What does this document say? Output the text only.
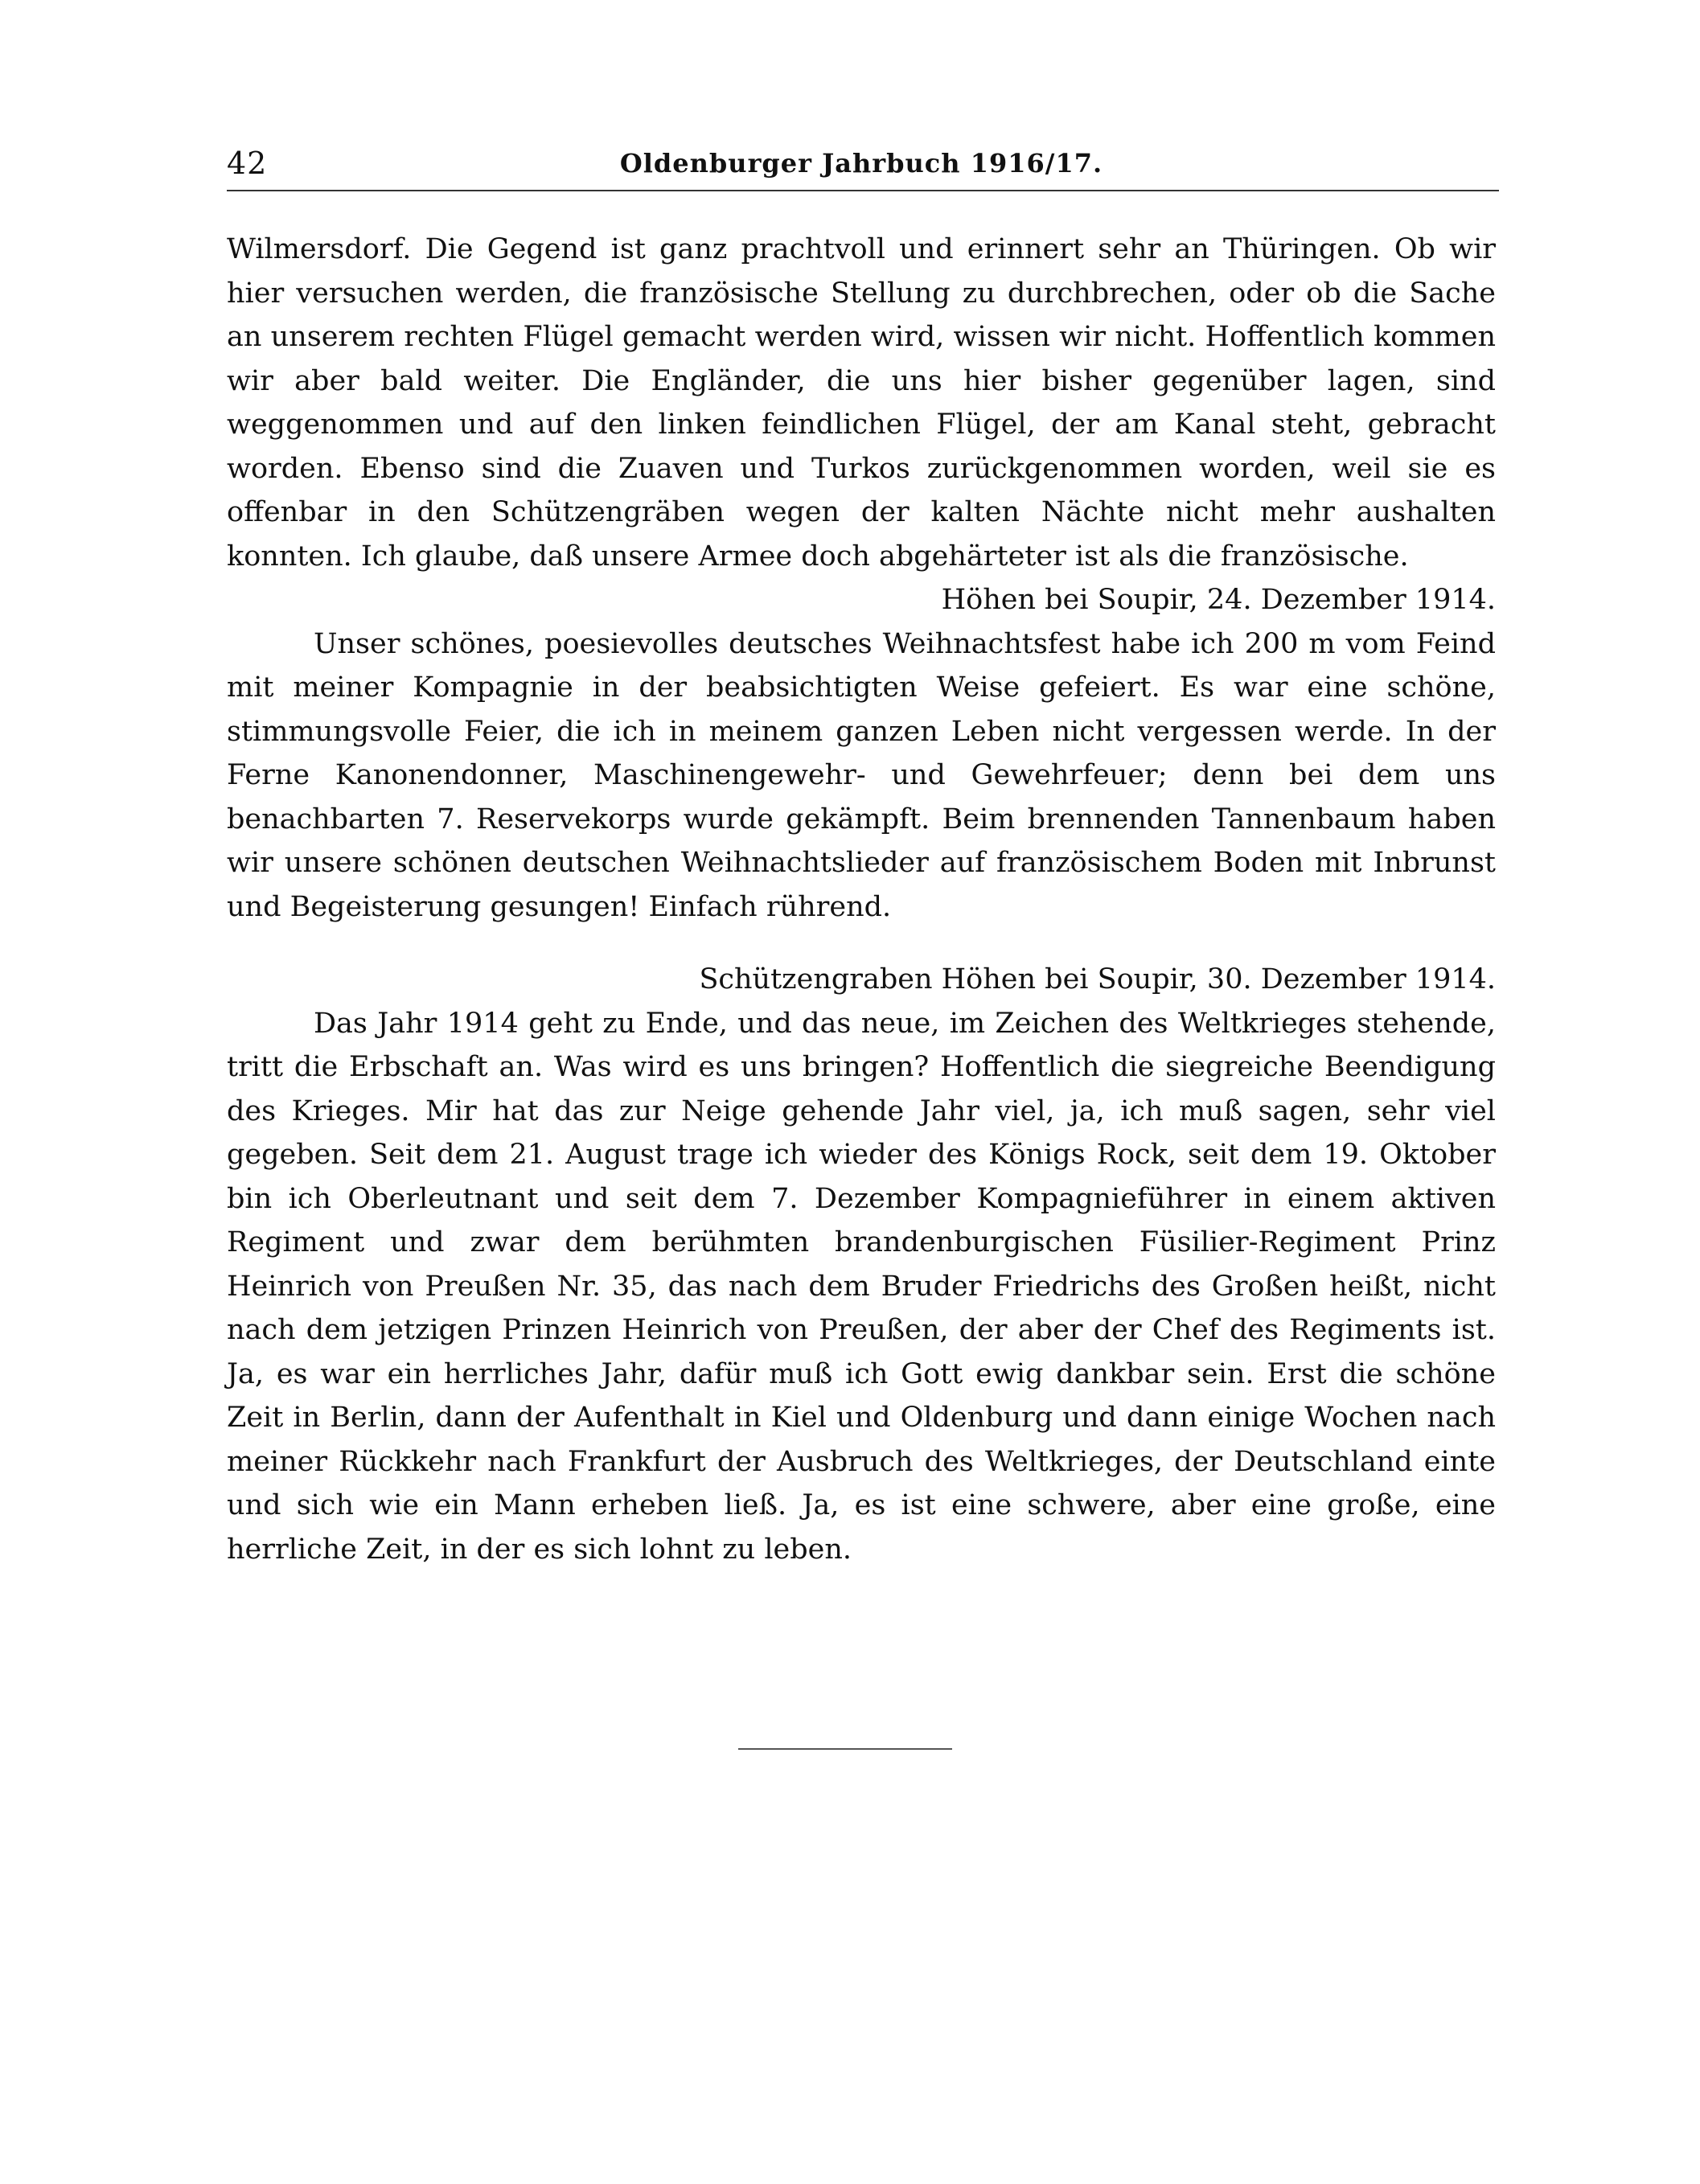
42	Oldenburger Jahrbuch 1916/17.

Wilmersdorf. Die Gegend ist ganz prachtvoll und erinnert sehr an Thüringen. Ob wir hier versuchen werden, die französische Stellung zu durchbrechen, oder ob die Sache an unserem rechten Flügel gemacht werden wird, wissen wir nicht. Hoffentlich kommen wir aber bald weiter. Die Engländer, die uns hier bisher gegenüber lagen, sind weggenommen und auf den linken feindlichen Flügel, der am Kanal steht, gebracht worden. Ebenso sind die Zuaven und Turkos zurückgenommen worden, weil sie es offenbar in den Schützengräben wegen der kalten Nächte nicht mehr aushalten konnten. Ich glaube, daß unsere Armee doch abgehärteter ist als die französische.

Höhen bei Soupir, 24. Dezember 1914.

Unser schönes, poesievolles deutsches Weihnachtsfest habe ich 200 m vom Feind mit meiner Kompagnie in der beabsichtigten Weise gefeiert. Es war eine schöne, stimmungsvolle Feier, die ich in meinem ganzen Leben nicht vergessen werde. In der Ferne Kanonendonner, Maschinengewehr- und Gewehrfeuer; denn bei dem uns benachbarten 7. Reservekorps wurde gekämpft. Beim brennenden Tannenbaum haben wir unsere schönen deutschen Weihnachtslieder auf französischem Boden mit Inbrunst und Begeisterung gesungen! Einfach rührend.

Schützengraben Höhen bei Soupir, 30. Dezember 1914.

Das Jahr 1914 geht zu Ende, und das neue, im Zeichen des Weltkrieges stehende, tritt die Erbschaft an. Was wird es uns bringen? Hoffentlich die siegreiche Beendigung des Krieges. Mir hat das zur Neige gehende Jahr viel, ja, ich muß sagen, sehr viel gegeben. Seit dem 21. August trage ich wieder des Königs Rock, seit dem 19. Oktober bin ich Oberleutnant und seit dem 7. Dezember Kompagnieführer in einem aktiven Regiment und zwar dem berühmten brandenburgischen Füsilier-Regiment Prinz Heinrich von Preußen Nr. 35, das nach dem Bruder Friedrichs des Großen heißt, nicht nach dem jetzigen Prinzen Heinrich von Preußen, der aber der Chef des Regiments ist. Ja, es war ein herrliches Jahr, dafür muß ich Gott ewig dankbar sein. Erst die schöne Zeit in Berlin, dann der Aufenthalt in Kiel und Oldenburg und dann einige Wochen nach meiner Rückkehr nach Frankfurt der Ausbruch des Weltkrieges, der Deutschland einte und sich wie ein Mann erheben ließ. Ja, es ist eine schwere, aber eine große, eine herrliche Zeit, in der es sich lohnt zu leben.
